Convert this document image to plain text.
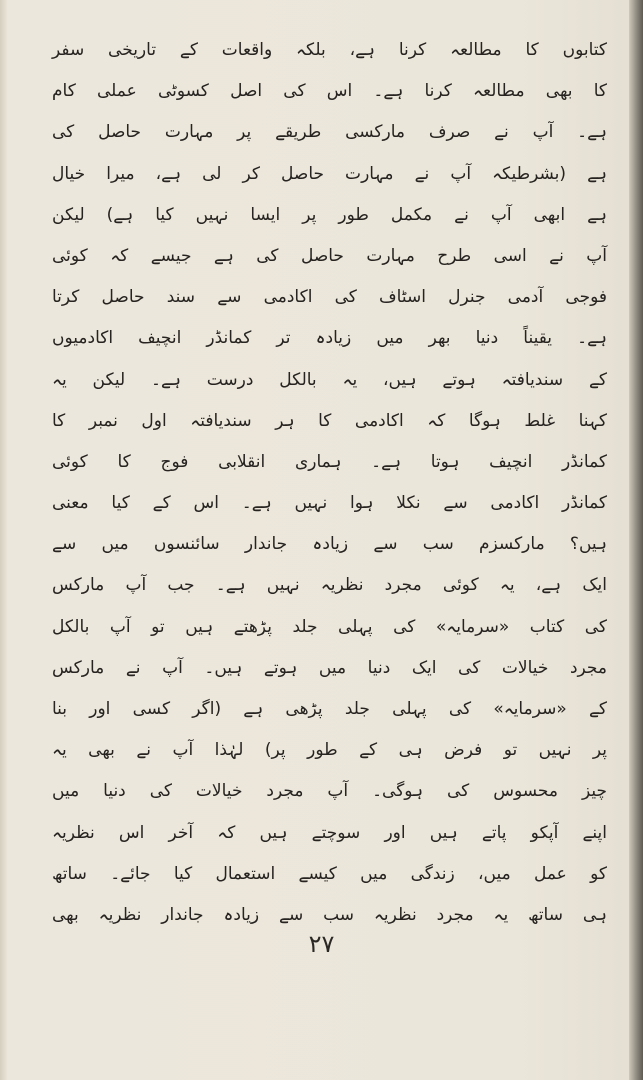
کتابوں کا مطالعہ کرنا ہے، بلکہ واقعات کے تاریخی سفر
کا بھی مطالعہ کرنا ہے۔ اس کی اصل کسوٹی عملی کام
ہے۔ آپ نے صرف مارکسی طریقے پر مہارت حاصل کی
ہے (بشرطیکہ آپ نے مہارت حاصل کر لی ہے، میرا خیال
ہے ابھی آپ نے مکمل طور پر ایسا نہیں کیا ہے) لیکن
آپ نے اسی طرح مہارت حاصل کی ہے جیسے کہ کوئی
فوجی آدمی جنرل اسٹاف کی اکادمی سے سند حاصل کرتا
ہے۔ یقیناً دنیا بھر میں زیادہ تر کمانڈر انچیف اکادمیوں
کے سندیافتہ ہوتے ہیں، یہ بالکل درست ہے۔ لیکن یہ
کہنا غلط ہوگا کہ اکادمی کا ہر سندیافتہ اول نمبر کا
کمانڈر انچیف ہوتا ہے۔ ہماری انقلابی فوج کا کوئی
کمانڈر اکادمی سے نکلا ہوا نہیں ہے۔ اس کے کیا معنی
ہیں؟ مارکسزم سب سے زیادہ جاندار سائنسوں میں سے
ایک ہے، یہ کوئی مجرد نظریہ نہیں ہے۔ جب آپ مارکس
کی کتاب «سرمایہ» کی پہلی جلد پڑھتے ہیں تو آپ بالکل
مجرد خیالات کی ایک دنیا میں ہوتے ہیں۔ آپ نے مارکس
کے «سرمایہ» کی پہلی جلد پڑھی ہے (اگر کسی اور بنا
پر نہیں تو فرض ہی کے طور پر) لہٰذا آپ نے بھی یہ
چیز محسوس کی ہوگی۔ آپ مجرد خیالات کی دنیا میں
اپنے آپکو پاتے ہیں اور سوچتے ہیں کہ آخر اس نظریہ
کو عمل میں، زندگی میں کیسے استعمال کیا جائے۔ ساتھ
ہی ساتھ یہ مجرد نظریہ سب سے زیادہ جاندار نظریہ بھی
۲۷
